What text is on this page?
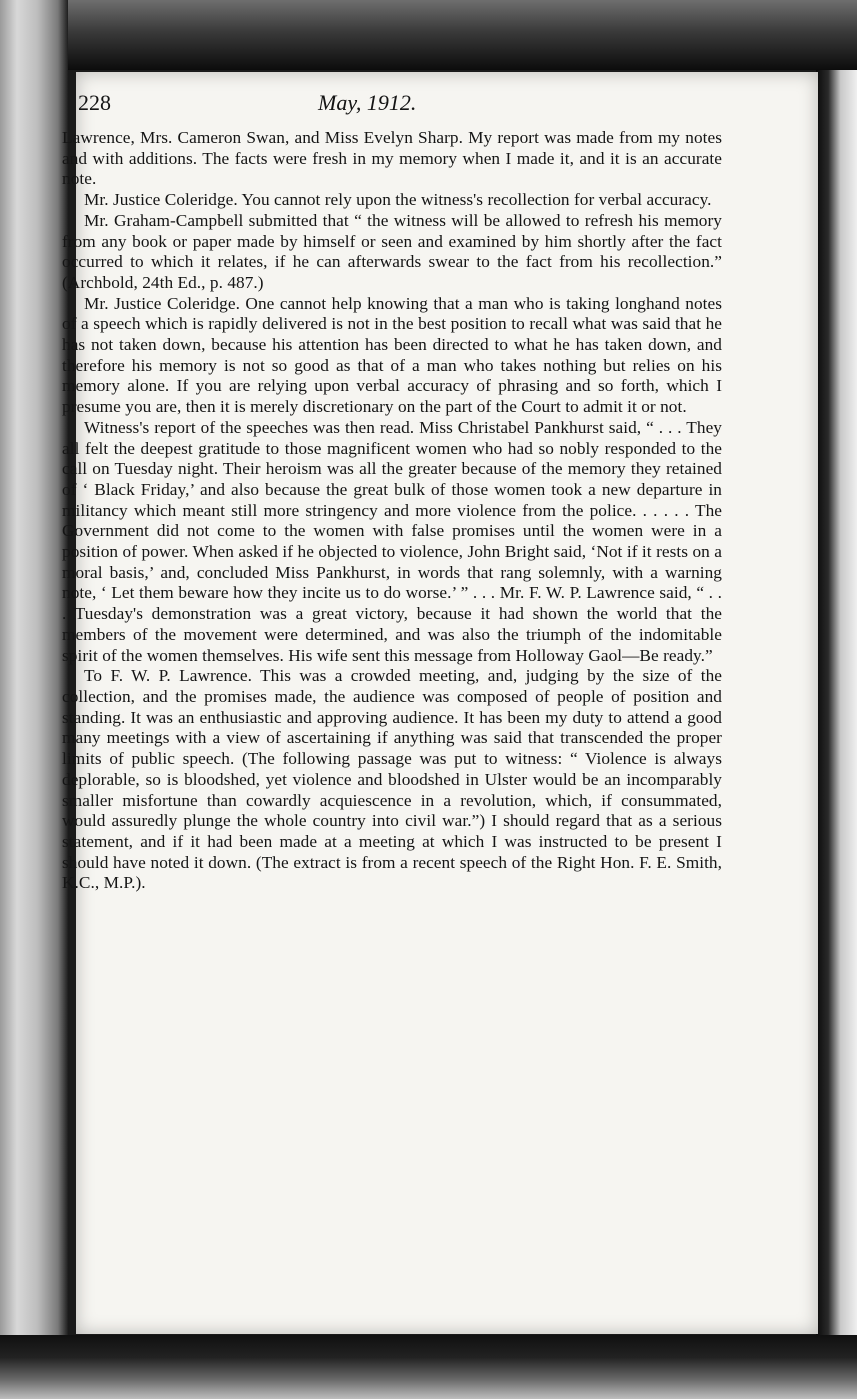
228	May, 1912.

Lawrence, Mrs. Cameron Swan, and Miss Evelyn Sharp. My report was made from my notes and with additions. The facts were fresh in my memory when I made it, and it is an accurate note.

Mr. Justice Coleridge. You cannot rely upon the witness's recollection for verbal accuracy.

Mr. Graham-Campbell submitted that “ the witness will be allowed to refresh his memory from any book or paper made by himself or seen and examined by him shortly after the fact occurred to which it relates, if he can afterwards swear to the fact from his recollection.” (Archbold, 24th Ed., p. 487.)

Mr. Justice Coleridge. One cannot help knowing that a man who is taking longhand notes of a speech which is rapidly delivered is not in the best position to recall what was said that he has not taken down, because his attention has been directed to what he has taken down, and therefore his memory is not so good as that of a man who takes nothing but relies on his memory alone. If you are relying upon verbal accuracy of phrasing and so forth, which I presume you are, then it is merely discretionary on the part of the Court to admit it or not.

Witness's report of the speeches was then read. Miss Christabel Pankhurst said, “ . . . They all felt the deepest gratitude to those magnificent women who had so nobly responded to the call on Tuesday night. Their heroism was all the greater because of the memory they retained of ‘ Black Friday,’ and also because the great bulk of those women took a new departure in militancy which meant still more stringency and more violence from the police. . . . . . The Government did not come to the women with false promises until the women were in a position of power. When asked if he objected to violence, John Bright said, ‘Not if it rests on a moral basis,’ and, concluded Miss Pankhurst, in words that rang solemnly, with a warning note, ‘ Let them beware how they incite us to do worse.’ ” . . . Mr. F. W. P. Lawrence said, “ . . . Tuesday's demonstration was a great victory, because it had shown the world that the members of the movement were determined, and was also the triumph of the indomitable spirit of the women themselves. His wife sent this message from Holloway Gaol—Be ready.”

To F. W. P. Lawrence. This was a crowded meeting, and, judging by the size of the collection, and the promises made, the audience was composed of people of position and standing. It was an enthusiastic and approving audience. It has been my duty to attend a good many meetings with a view of ascertaining if anything was said that transcended the proper limits of public speech. (The following passage was put to witness: “ Violence is always deplorable, so is bloodshed, yet violence and bloodshed in Ulster would be an incomparably smaller misfortune than cowardly acquiescence in a revolution, which, if consummated, would assuredly plunge the whole country into civil war.”) I should regard that as a serious statement, and if it had been made at a meeting at which I was instructed to be present I should have noted it down. (The extract is from a recent speech of the Right Hon. F. E. Smith, K.C., M.P.).
